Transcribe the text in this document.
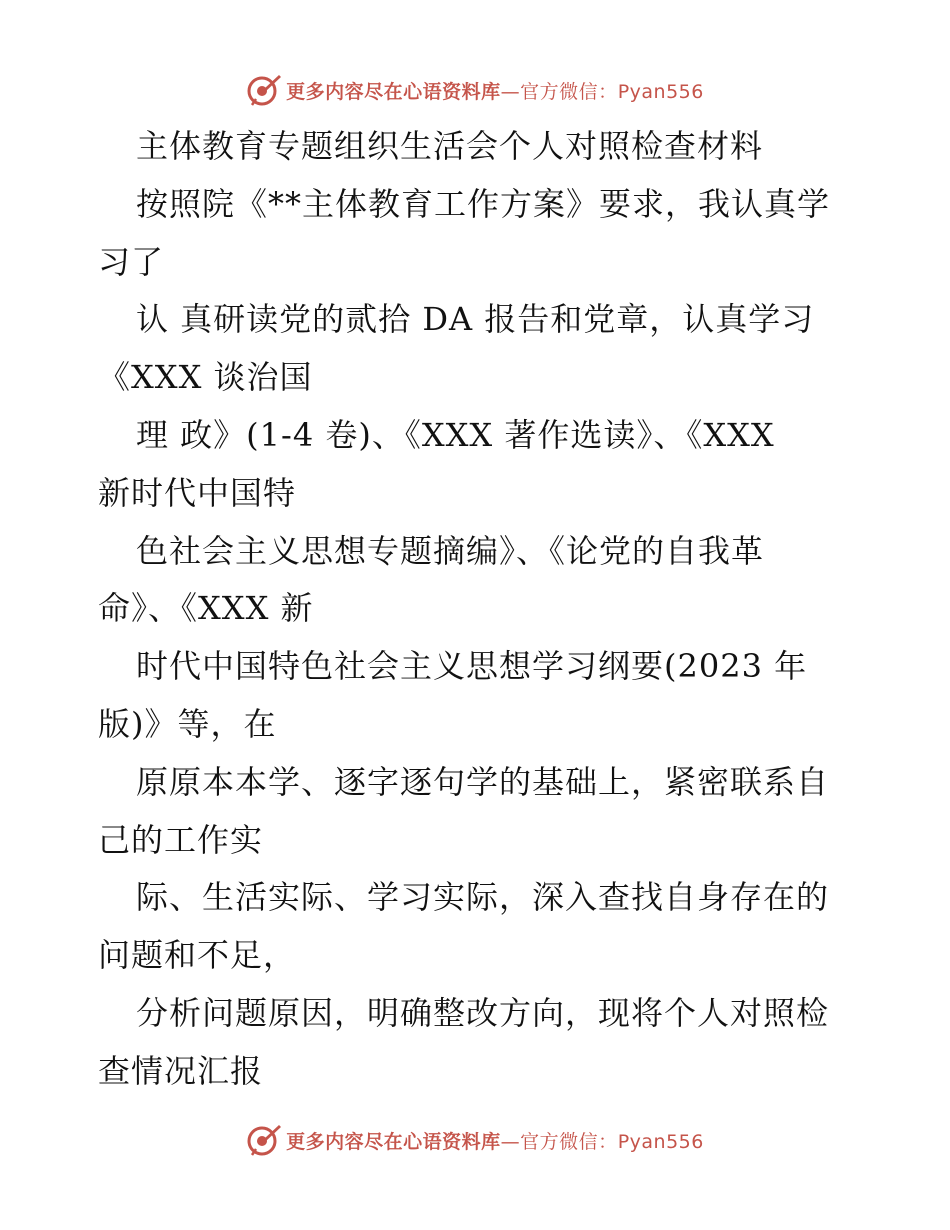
更多内容尽在心语资料库—官方微信：Pyan556
主体教育专题组织生活会个人对照检查材料
按照院《**主体教育工作方案》要求，我认真学
习了
认 真研读党的贰拾 DA 报告和党章，认真学习
《XXX 谈治国
理 政》(1-4 卷)、《XXX 著作选读》、《XXX
新时代中国特
色社会主义思想专题摘编》、《论党的自我革
命》、《XXX 新
时代中国特色社会主义思想学习纲要(2023 年
版)》等，在
原原本本学、逐字逐句学的基础上，紧密联系自
己的工作实
际、生活实际、学习实际，深入查找自身存在的
问题和不足，
分析问题原因，明确整改方向，现将个人对照检
查情况汇报
更多内容尽在心语资料库—官方微信：Pyan556
